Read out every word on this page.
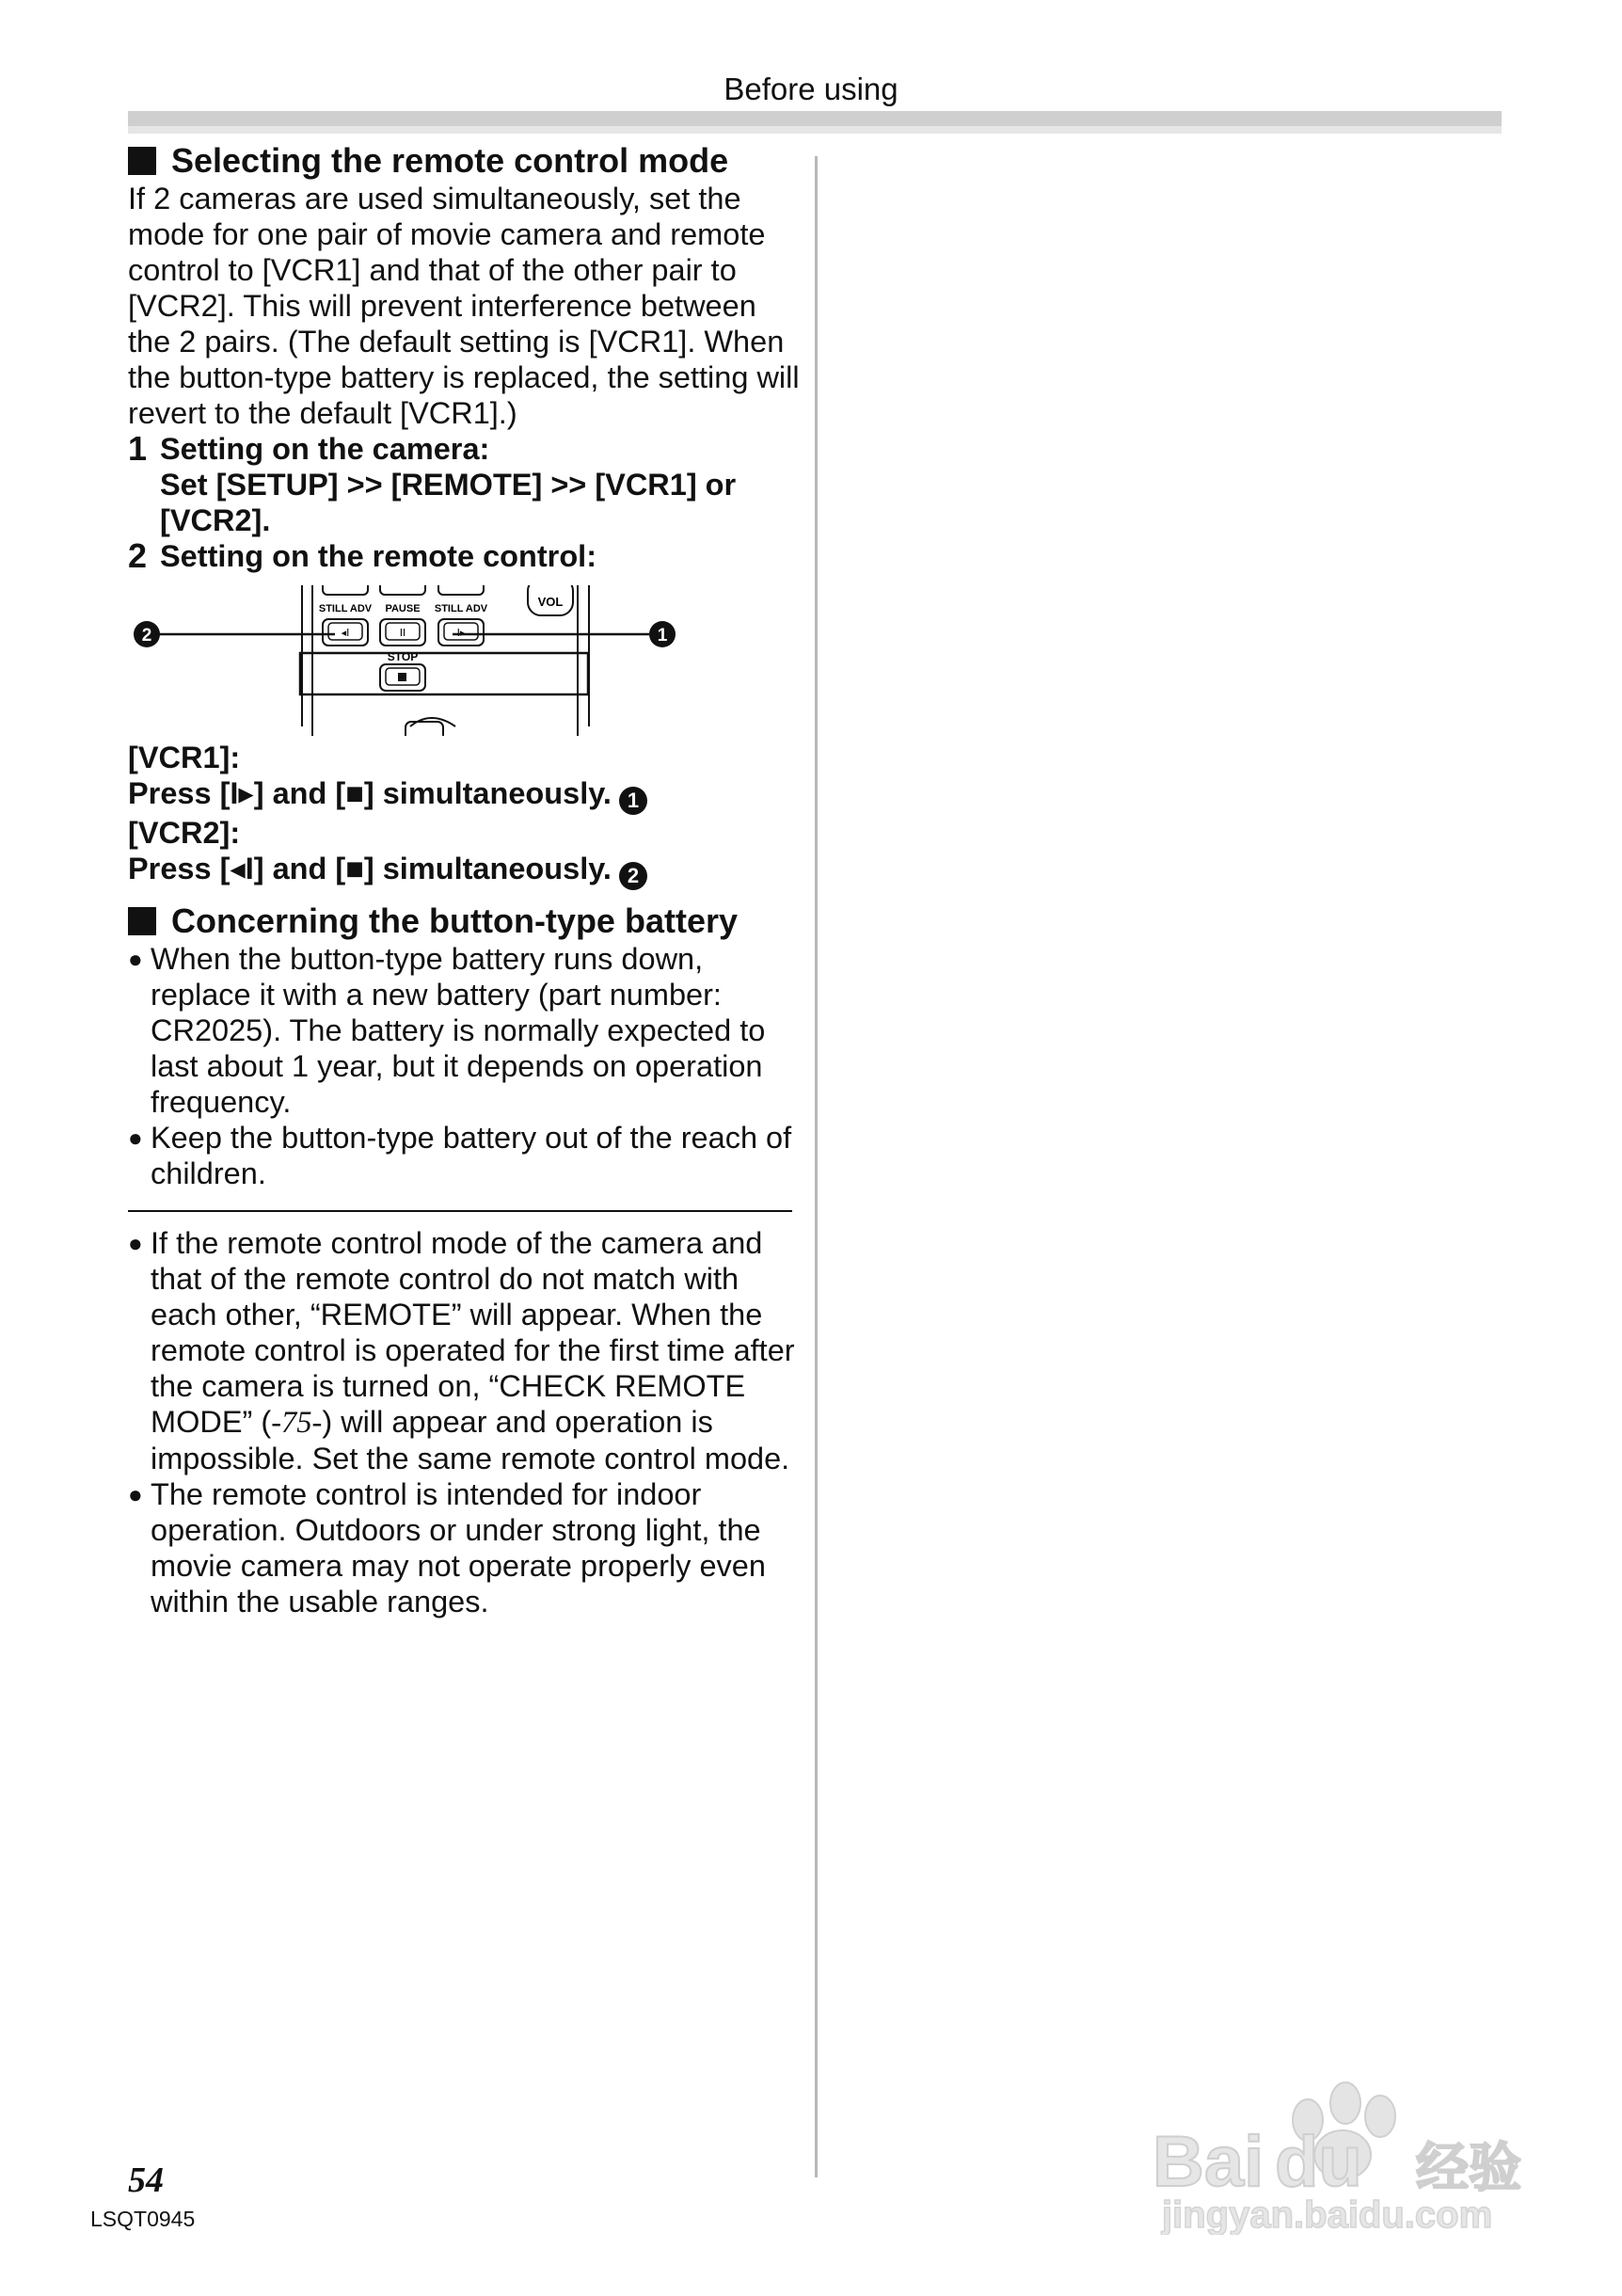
Before using
Selecting the remote control mode

If 2 cameras are used simultaneously, set the mode for one pair of movie camera and remote control to [VCR1] and that of the other pair to [VCR2]. This will prevent interference between the 2 pairs. (The default setting is [VCR1]. When the button-type battery is replaced, the setting will revert to the default [VCR1].)

1 Setting on the camera:
Set [SETUP] >> [REMOTE] >> [VCR1] or [VCR2].
2 Setting on the remote control:
STILL ADV PAUSE STILL ADV	VOL
◂I	II	I▸
STOP
2	1
[VCR1]:
Press [I▸] and [■] simultaneously. 1
[VCR2]:
Press [◂I] and [■] simultaneously. 2
Concerning the button-type battery
● When the button-type battery runs down, replace it with a new battery (part number: CR2025). The battery is normally expected to last about 1 year, but it depends on operation frequency.
● Keep the button-type battery out of the reach of children.
● If the remote control mode of the camera and that of the remote control do not match with each other, “REMOTE” will appear. When the remote control is operated for the first time after the camera is turned on, “CHECK REMOTE MODE” (-75-) will appear and operation is impossible. Set the same remote control mode.
● The remote control is intended for indoor operation. Outdoors or under strong light, the movie camera may not operate properly even within the usable ranges.
54
LSQT0945
Bai du 经验
jingyan.baidu.com
